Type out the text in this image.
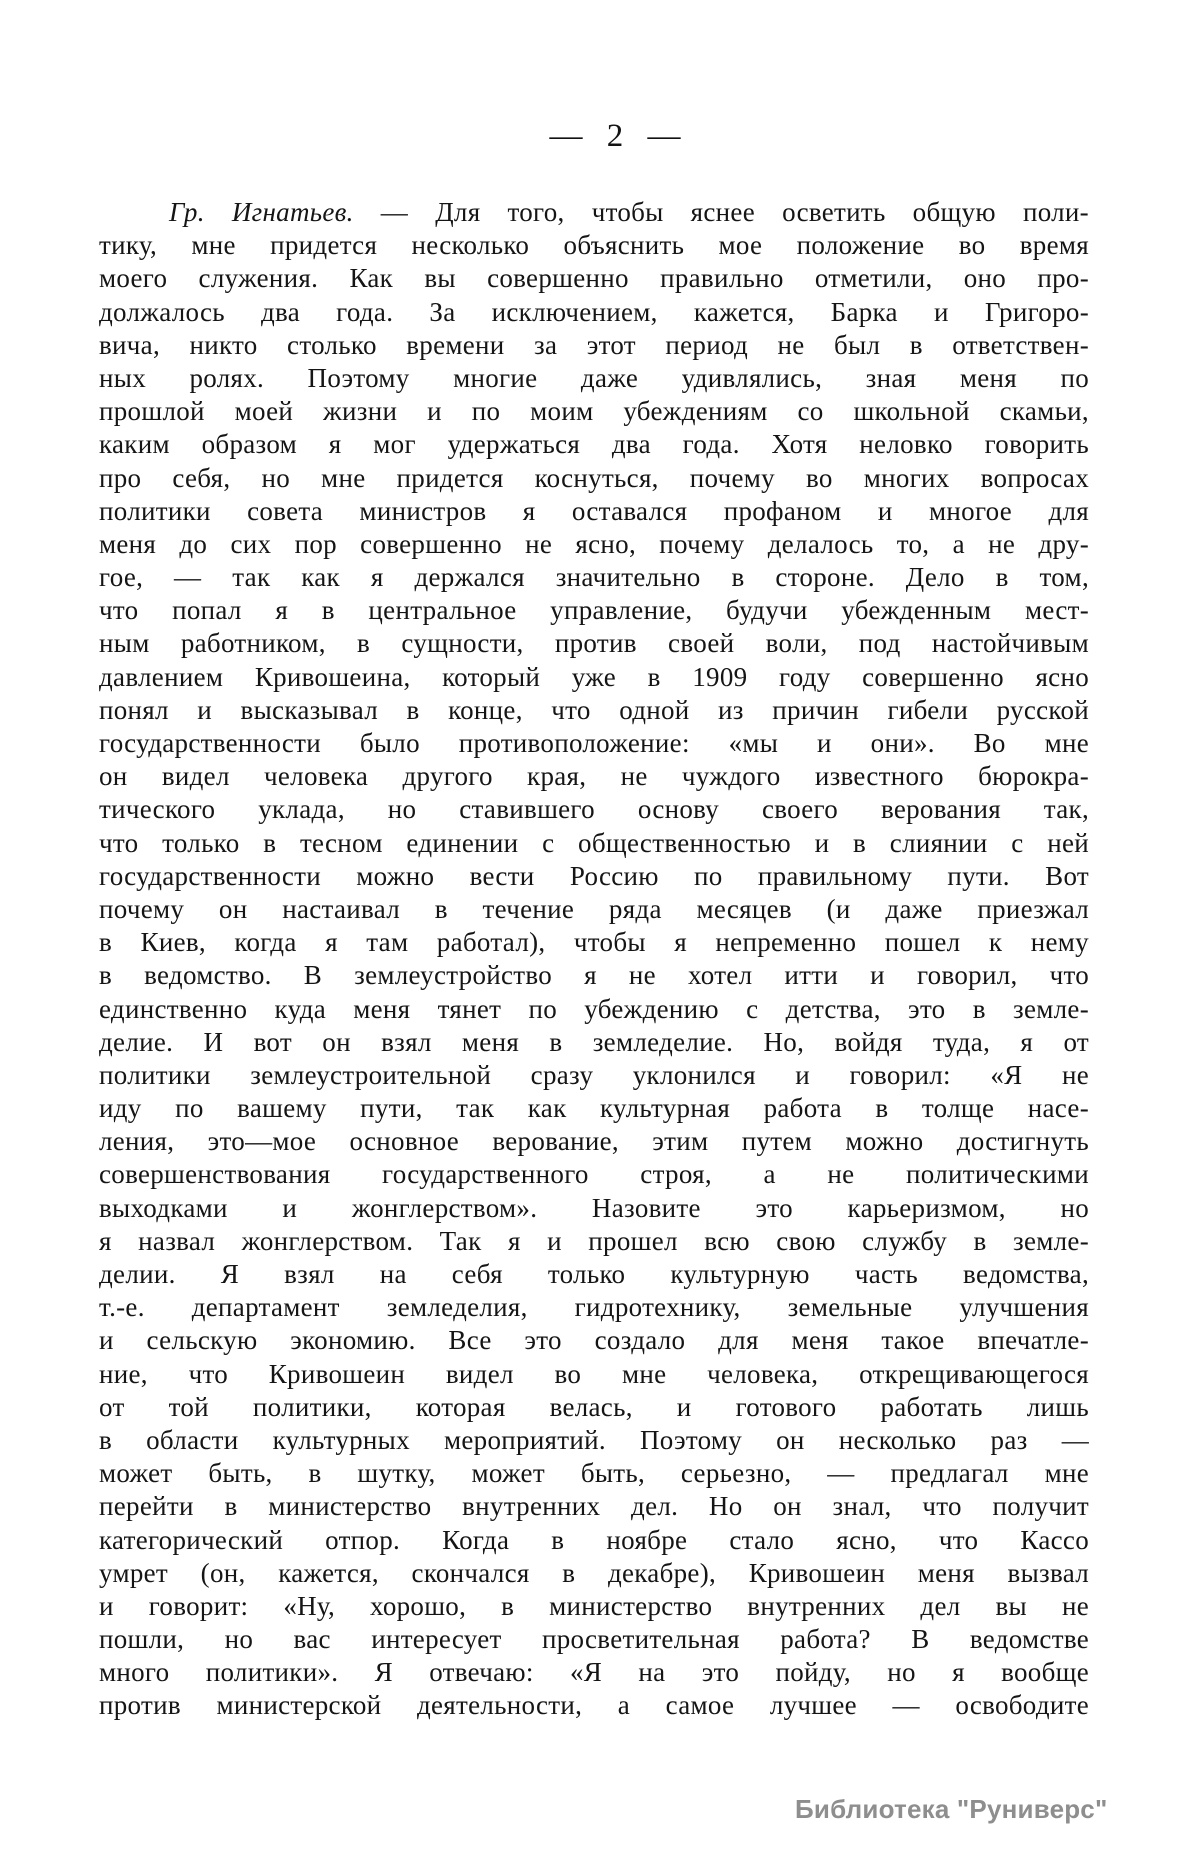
— 2 —
Гр. Игнатьев. — Для того, чтобы яснее осветить общую поли-
тику, мне придется несколько объяснить мое положение во время
моего служения. Как вы совершенно правильно отметили, оно про-
должалось два года. За исключением, кажется, Барка и Григоро-
вича, никто столько времени за этот период не был в ответствен-
ных ролях. Поэтому многие даже удивлялись, зная меня по
прошлой моей жизни и по моим убеждениям со школьной скамьи,
каким образом я мог удержаться два года. Хотя неловко говорить
про себя, но мне придется коснуться, почему во многих вопросах
политики совета министров я оставался профаном и многое для
меня до сих пор совершенно не ясно, почему делалось то, а не дру-
гое, — так как я держался значительно в стороне. Дело в том,
что попал я в центральное управление, будучи убежденным мест-
ным работником, в сущности, против своей воли, под настойчивым
давлением Кривошеина, который уже в 1909 году совершенно ясно
понял и высказывал в конце, что одной из причин гибели русской
государственности было противоположение: «мы и они». Во мне
он видел человека другого края, не чуждого известного бюрокра-
тического уклада, но ставившего основу своего верования так,
что только в тесном единении с общественностью и в слиянии с ней
государственности можно вести Россию по правильному пути. Вот
почему он настаивал в течение ряда месяцев (и даже приезжал
в Киев, когда я там работал), чтобы я непременно пошел к нему
в ведомство. В землеустройство я не хотел итти и говорил, что
единственно куда меня тянет по убеждению с детства, это в земле-
делие. И вот он взял меня в земледелие. Но, войдя туда, я от
политики землеустроительной сразу уклонился и говорил: «Я не
иду по вашему пути, так как культурная работа в толще насе-
ления, это—мое основное верование, этим путем можно достигнуть
совершенствования государственного строя, а не политическими
выходками и жонглерством». Назовите это карьеризмом, но
я назвал жонглерством. Так я и прошел всю свою службу в земле-
делии. Я взял на себя только культурную часть ведомства,
т.-е. департамент земледелия, гидротехнику, земельные улучшения
и сельскую экономию. Все это создало для меня такое впечатле-
ние, что Кривошеин видел во мне человека, открещивающегося
от той политики, которая велась, и готового работать лишь
в области культурных мероприятий. Поэтому он несколько раз —
может быть, в шутку, может быть, серьезно, — предлагал мне
перейти в министерство внутренних дел. Но он знал, что получит
категорический отпор. Когда в ноябре стало ясно, что Кассо
умрет (он, кажется, скончался в декабре), Кривошеин меня вызвал
и говорит: «Ну, хорошо, в министерство внутренних дел вы не
пошли, но вас интересует просветительная работа? В ведомстве
много политики». Я отвечаю: «Я на это пойду, но я вообще
против министерской деятельности, а самое лучшее — освободите
Библиотека "Руниверс"
